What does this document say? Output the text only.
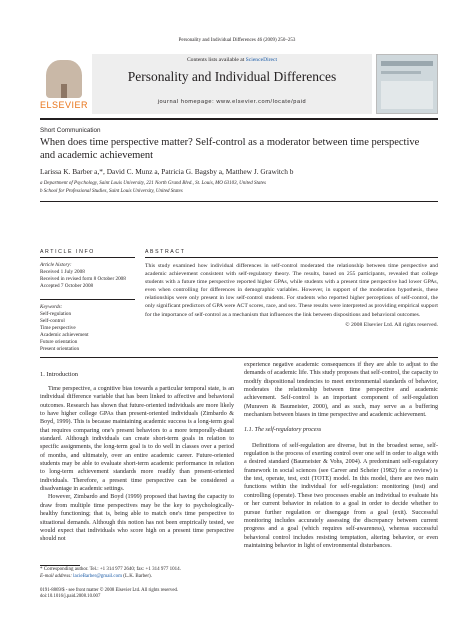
Personality and Individual Differences 46 (2009) 250–253
ELSEVIER
Contents lists available at ScienceDirect
Personality and Individual Differences
journal homepage: www.elsevier.com/locate/paid
Short Communication
When does time perspective matter? Self-control as a moderator between time perspective and academic achievement
Larissa K. Barber a,*, David C. Munz a, Patricia G. Bagsby a, Matthew J. Grawitch b
a Department of Psychology, Saint Louis University, 221 North Grand Blvd., St. Louis, MO 63103, United States
b School for Professional Studies, Saint Louis University, United States
ARTICLE INFO
Article history:
Received 1 July 2008
Received in revised form 8 October 2008
Accepted 7 October 2008
Keywords:
Self-regulation
Self-control
Time perspective
Academic achievement
Future orientation
Present orientation
ABSTRACT
This study examined how individual differences in self-control moderated the relationship between time perspective and academic achievement consistent with self-regulatory theory. The results, based on 255 participants, revealed that college students with a future time perspective reported higher GPAs, while students with a present time perspective had lower GPAs, even when controlling for differences in demographic variables. However, in support of the moderation hypothesis, these relationships were only present in low self-control students. For students who reported higher perceptions of self-control, the only significant predictors of GPA were ACT scores, race, and sex. These results were interpreted as providing empirical support for the importance of self-control as a mechanism that influences the link between dispositions and behavioral outcomes.
© 2008 Elsevier Ltd. All rights reserved.
1. Introduction

Time perspective, a cognitive bias towards a particular temporal state, is an individual difference variable that has been linked to affective and behavioral outcomes. Research has shown that future-oriented individuals are more likely to have higher college GPAs than present-oriented individuals (Zimbardo & Boyd, 1999). This is because maintaining academic success is a long-term goal that requires comparing one's present behaviors to a more temporally-distant standard. Although individuals can create short-term goals in relation to specific assignments, the long-term goal is to do well in classes over a period of months, and ultimately, over an entire academic career. Future-oriented students may be able to evaluate short-term academic performance in relation to long-term achievement standards more readily than present-oriented individuals. Therefore, a present time perspective can be considered a disadvantage in academic settings.

However, Zimbardo and Boyd (1999) proposed that having the capacity to draw from multiple time perspectives may be the key to psychologically-healthy functioning; that is, being able to match one's time perspective to situational demands. Although this notion has not been empirically tested, we would expect that individuals who score high on a present time perspective should not

experience negative academic consequences if they are able to adjust to the demands of academic life. This study proposes that self-control, the capacity to modify dispositional tendencies to meet environmental standards of behavior, moderates the relationship between time perspective and academic achievement. Self-control is an important component of self-regulation (Muraven & Baumeister, 2000), and as such, may serve as a buffering mechanism between biases in time perspective and academic achievement.

1.1. The self-regulatory process

Definitions of self-regulation are diverse, but in the broadest sense, self-regulation is the process of exerting control over one self in order to align with a desired standard (Baumeister & Vohs, 2004). A predominant self-regulatory framework in social sciences (see Carver and Scheier (1982) for a review) is the test, operate, test, exit (TOTE) model. In this model, there are two main functions within the individual for self-regulation: monitoring (test) and controlling (operate). These two processes enable an individual to evaluate his or her current behavior in relation to a goal in order to decide whether to pursue further regulation or disengage from a goal (exit). Successful monitoring includes accurately assessing the discrepancy between current progress and a goal (which requires self-awareness), whereas successful behavioral control includes resisting temptation, altering behavior, or even maintaining behavior in light of environmental disturbances.

* Corresponding author. Tel.: +1 314 977 2640; fax: +1 314 977 1014.
E-mail address: lacieBarber@gmail.com (L.K. Barber).
0191-8869/$ - see front matter © 2008 Elsevier Ltd. All rights reserved.
doi:10.1016/j.paid.2008.10.007
